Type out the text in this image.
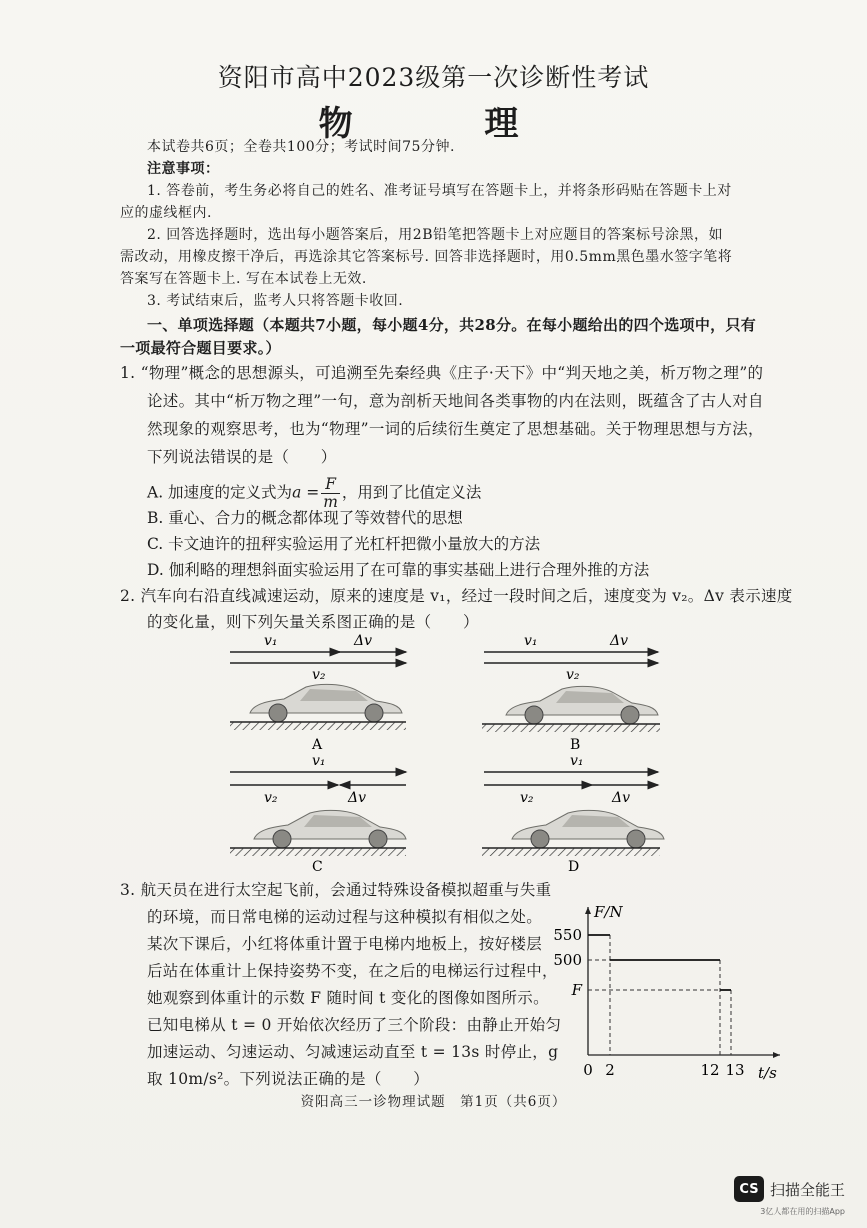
资阳市高中2023级第一次诊断性考试
物 理
本试卷共6页；全卷共100分；考试时间75分钟.
注意事项：
1. 答卷前，考生务必将自己的姓名、准考证号填写在答题卡上，并将条形码贴在答题卡上对
应的虚线框内.
2. 回答选择题时，选出每小题答案后，用2B铅笔把答题卡上对应题目的答案标号涂黑，如
需改动，用橡皮擦干净后，再选涂其它答案标号. 回答非选择题时，用0.5mm黑色墨水签字笔将
答案写在答题卡上. 写在本试卷上无效.
3. 考试结束后，监考人只将答题卡收回.
一、单项选择题（本题共7小题，每小题4分，共28分。在每小题给出的四个选项中，只有
一项最符合题目要求。）
1. “物理”概念的思想源头，可追溯至先秦经典《庄子·天下》中“判天地之美，析万物之理”的
论述。其中“析万物之理”一句，意为剖析天地间各类事物的内在法则，既蕴含了古人对自
然现象的观察思考，也为“物理”一词的后续衍生奠定了思想基础。关于物理思想与方法，
下列说法错误的是（　　）
A. 加速度的定义式为$a = \frac{F}{m}$ ，用到了比值定义法
B. 重心、合力的概念都体现了等效替代的思想
C. 卡文迪许的扭秤实验运用了光杠杆把微小量放大的方法
D. 伽利略的理想斜面实验运用了在可靠的事实基础上进行合理外推的方法
2. 汽车向右沿直线减速运动，原来的速度是 v₁，经过一段时间之后，速度变为 v₂。Δv 表示速度
的变化量，则下列矢量关系图正确的是（　　）
v₁	Δv
v₂
A
v₁	Δv
v₂
B
v₁
v₂	Δv
C
v₁
v₂	Δv
D
3. 航天员在进行太空起飞前，会通过特殊设备模拟超重与失重
的环境，而日常电梯的运动过程与这种模拟有相似之处。
某次下课后，小红将体重计置于电梯内地板上，按好楼层
后站在体重计上保持姿势不变，在之后的电梯运行过程中，
她观察到体重计的示数 F 随时间 t 变化的图像如图所示。
已知电梯从 t = 0 开始依次经历了三个阶段：由静止开始匀
加速运动、匀速运动、匀减速运动直至 t = 13s 时停止，g
取 10m/s²。下列说法正确的是（　　）
F/N
t/s
550
500
F
0 2	12 13
资阳高三一诊物理试题　第1页（共6页）
CS 扫描全能王
3亿人都在用的扫描App
